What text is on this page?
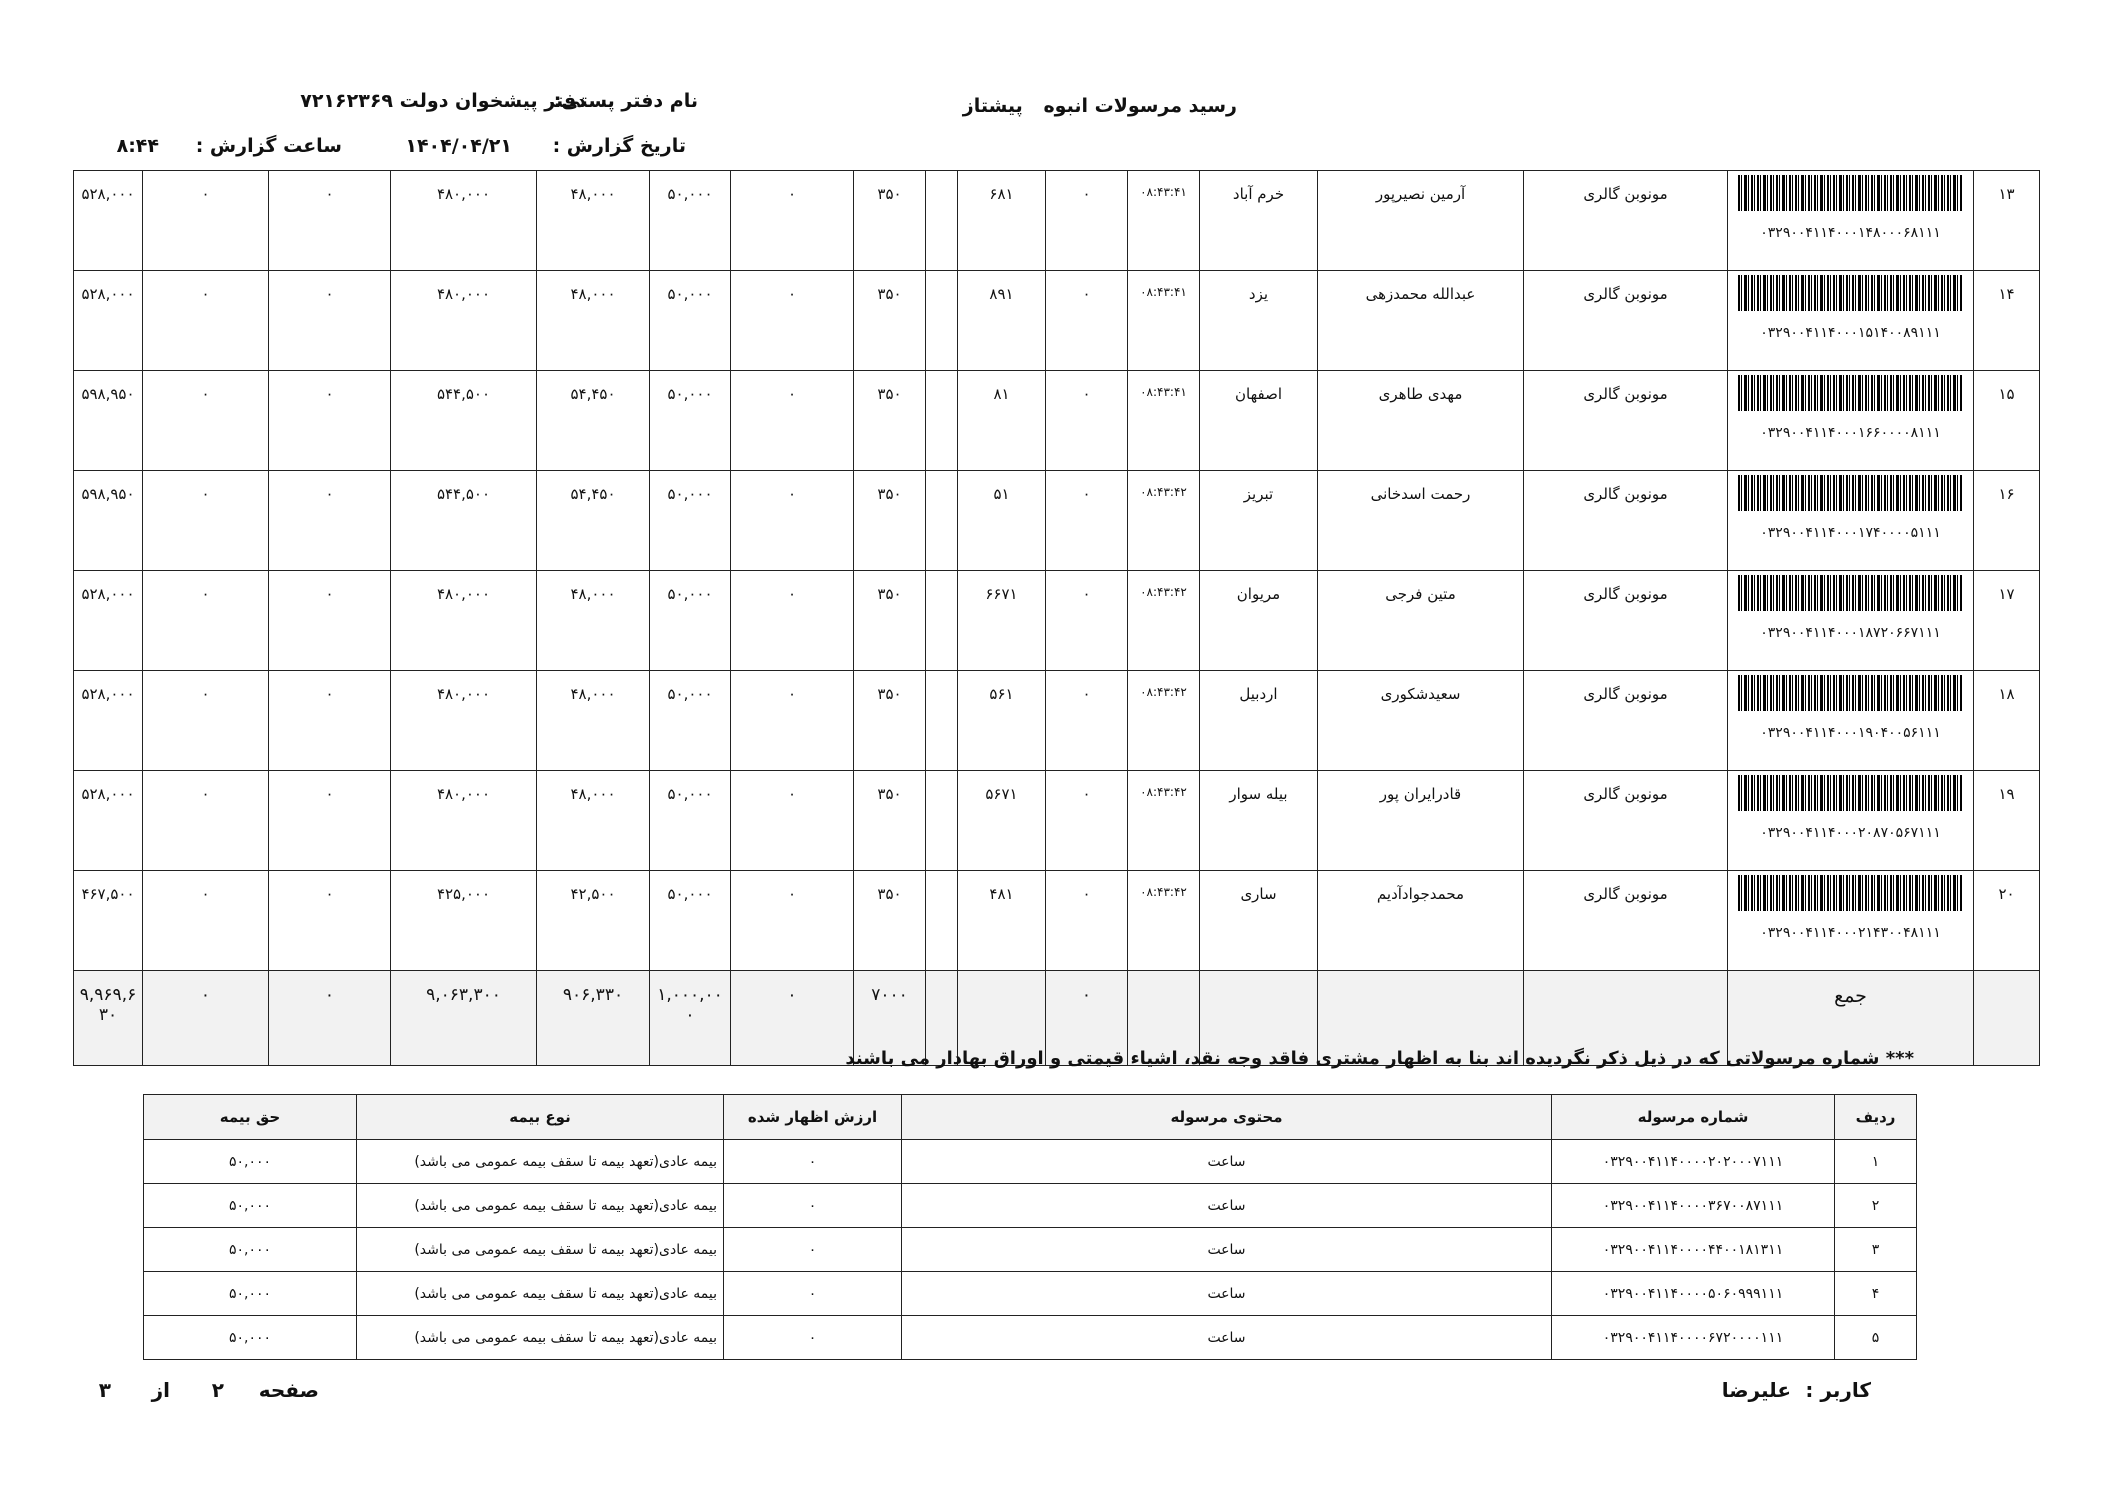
رسید مرسولات انبوه پیشتاز
نام دفتر پستی:
دفتر پیشخوان دولت ۷۲۱۶۲۳۶۹
تاریخ گزارش :
۱۴۰۴/۰۴/۲۱
ساعت گزارش :
۸:۴۴
۱۳	۰۳۲۹۰۰۴۱۱۴۰۰۰۱۴۸۰۰۰۶۸۱۱۱	مونوبن گالری	آرمین نصیرپور	خرم آباد	۰۸:۴۳:۴۱	۰	۶۸۱		۳۵۰	۰	۵۰,۰۰۰	۴۸,۰۰۰	۴۸۰,۰۰۰	۰	۰	۵۲۸,۰۰۰
۱۴	۰۳۲۹۰۰۴۱۱۴۰۰۰۱۵۱۴۰۰۸۹۱۱۱	مونوبن گالری	عبدالله محمدزهی	یزد	۰۸:۴۳:۴۱	۰	۸۹۱		۳۵۰	۰	۵۰,۰۰۰	۴۸,۰۰۰	۴۸۰,۰۰۰	۰	۰	۵۲۸,۰۰۰
۱۵	۰۳۲۹۰۰۴۱۱۴۰۰۰۱۶۶۰۰۰۰۸۱۱۱	مونوبن گالری	مهدی طاهری	اصفهان	۰۸:۴۳:۴۱	۰	۸۱		۳۵۰	۰	۵۰,۰۰۰	۵۴,۴۵۰	۵۴۴,۵۰۰	۰	۰	۵۹۸,۹۵۰
۱۶	۰۳۲۹۰۰۴۱۱۴۰۰۰۱۷۴۰۰۰۰۵۱۱۱	مونوبن گالری	رحمت اسدخانی	تبریز	۰۸:۴۳:۴۲	۰	۵۱		۳۵۰	۰	۵۰,۰۰۰	۵۴,۴۵۰	۵۴۴,۵۰۰	۰	۰	۵۹۸,۹۵۰
۱۷	۰۳۲۹۰۰۴۱۱۴۰۰۰۱۸۷۲۰۶۶۷۱۱۱	مونوبن گالری	متین فرجی	مریوان	۰۸:۴۳:۴۲	۰	۶۶۷۱		۳۵۰	۰	۵۰,۰۰۰	۴۸,۰۰۰	۴۸۰,۰۰۰	۰	۰	۵۲۸,۰۰۰
۱۸	۰۳۲۹۰۰۴۱۱۴۰۰۰۱۹۰۴۰۰۵۶۱۱۱	مونوبن گالری	سعیدشکوری	اردبیل	۰۸:۴۳:۴۲	۰	۵۶۱		۳۵۰	۰	۵۰,۰۰۰	۴۸,۰۰۰	۴۸۰,۰۰۰	۰	۰	۵۲۸,۰۰۰
۱۹	۰۳۲۹۰۰۴۱۱۴۰۰۰۲۰۸۷۰۵۶۷۱۱۱	مونوبن گالری	قادرایران پور	بیله سوار	۰۸:۴۳:۴۲	۰	۵۶۷۱		۳۵۰	۰	۵۰,۰۰۰	۴۸,۰۰۰	۴۸۰,۰۰۰	۰	۰	۵۲۸,۰۰۰
۲۰	۰۳۲۹۰۰۴۱۱۴۰۰۰۲۱۴۳۰۰۴۸۱۱۱	مونوبن گالری	محمدجوادآدیم	ساری	۰۸:۴۳:۴۲	۰	۴۸۱		۳۵۰	۰	۵۰,۰۰۰	۴۲,۵۰۰	۴۲۵,۰۰۰	۰	۰	۴۶۷,۵۰۰
	جمع					۰			۷۰۰۰	۰	۱,۰۰۰,۰۰۰	۹۰۶,۳۳۰	۹,۰۶۳,۳۰۰	۰	۰	۹,۹۶۹,۶۳۰
*** شماره مرسولاتی که در ذیل ذکر نگردیده اند بنا به اظهار مشتری فاقد وجه نقد، اشیاء قیمتی و اوراق بهادار می باشند
ردیف	شماره مرسوله	محتوی مرسوله	ارزش اظهار شده	نوع بیمه	حق بیمه
۱	۰۳۲۹۰۰۴۱۱۴۰۰۰۰۲۰۲۰۰۰۷۱۱۱	ساعت	۰	بیمه عادی(تعهد بیمه تا سقف بیمه عمومی می باشد)	۵۰,۰۰۰
۲	۰۳۲۹۰۰۴۱۱۴۰۰۰۰۳۶۷۰۰۸۷۱۱۱	ساعت	۰	بیمه عادی(تعهد بیمه تا سقف بیمه عمومی می باشد)	۵۰,۰۰۰
۳	۰۳۲۹۰۰۴۱۱۴۰۰۰۰۴۴۰۰۱۸۱۳۱۱	ساعت	۰	بیمه عادی(تعهد بیمه تا سقف بیمه عمومی می باشد)	۵۰,۰۰۰
۴	۰۳۲۹۰۰۴۱۱۴۰۰۰۰۵۰۶۰۹۹۹۱۱۱	ساعت	۰	بیمه عادی(تعهد بیمه تا سقف بیمه عمومی می باشد)	۵۰,۰۰۰
۵	۰۳۲۹۰۰۴۱۱۴۰۰۰۰۶۷۲۰۰۰۰۱۱۱	ساعت	۰	بیمه عادی(تعهد بیمه تا سقف بیمه عمومی می باشد)	۵۰,۰۰۰
کاربر :
علیرضا
صفحه
۲
از
۳
